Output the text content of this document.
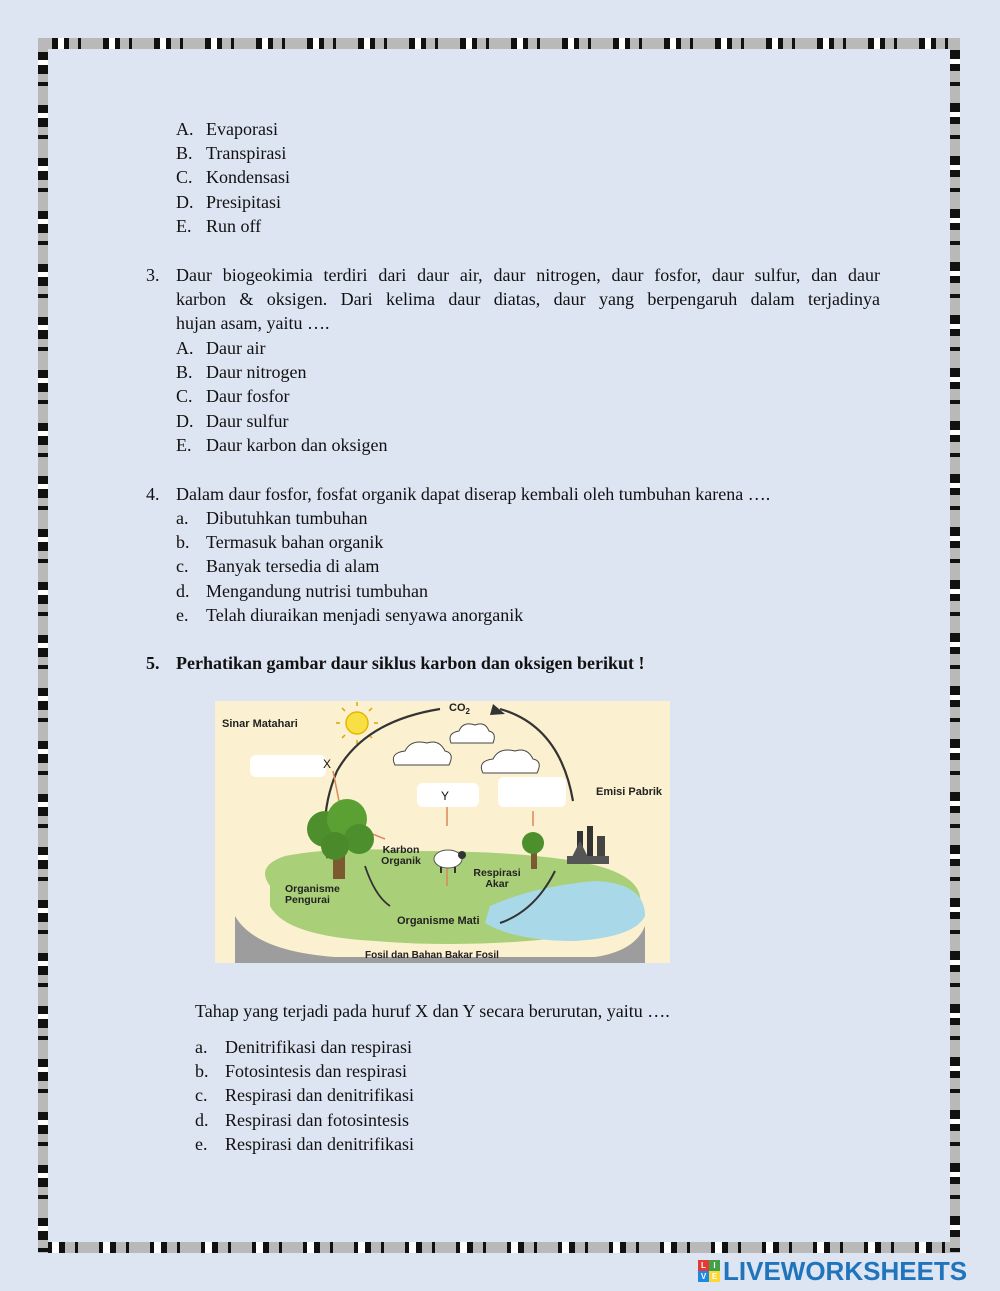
A. Evaporasi
B. Transpirasi
C. Kondensasi
D. Presipitasi
E. Run off
3. Daur biogeokimia terdiri dari daur air, daur nitrogen, daur fosfor, daur sulfur, dan daur
karbon & oksigen. Dari kelima daur diatas, daur yang berpengaruh dalam terjadinya
hujan asam, yaitu ….
A. Daur air
B. Daur nitrogen
C. Daur fosfor
D. Daur sulfur
E. Daur karbon dan oksigen
4. Dalam daur fosfor, fosfat organik dapat diserap kembali oleh tumbuhan karena ….
a. Dibutuhkan tumbuhan
b. Termasuk bahan organik
c. Banyak tersedia di alam
d. Mengandung nutrisi tumbuhan
e. Telah diuraikan menjadi senyawa anorganik
5. Perhatikan gambar daur siklus karbon dan oksigen berikut !
Sinar Matahari
$CO_2$
X
Y	Emisi Pabrik
Karbon
Organik
Respirasi
Akar
Organisme
Pengurai
Organisme Mati
Fosil dan Bahan Bakar Fosil
Tahap yang terjadi pada huruf X dan Y secara berurutan, yaitu ….
a. Denitrifikasi dan respirasi
b. Fotosintesis dan respirasi
c. Respirasi dan denitrifikasi
d. Respirasi dan fotosintesis
e. Respirasi dan denitrifikasi
L I
V E LIVEWORKSHEETS
